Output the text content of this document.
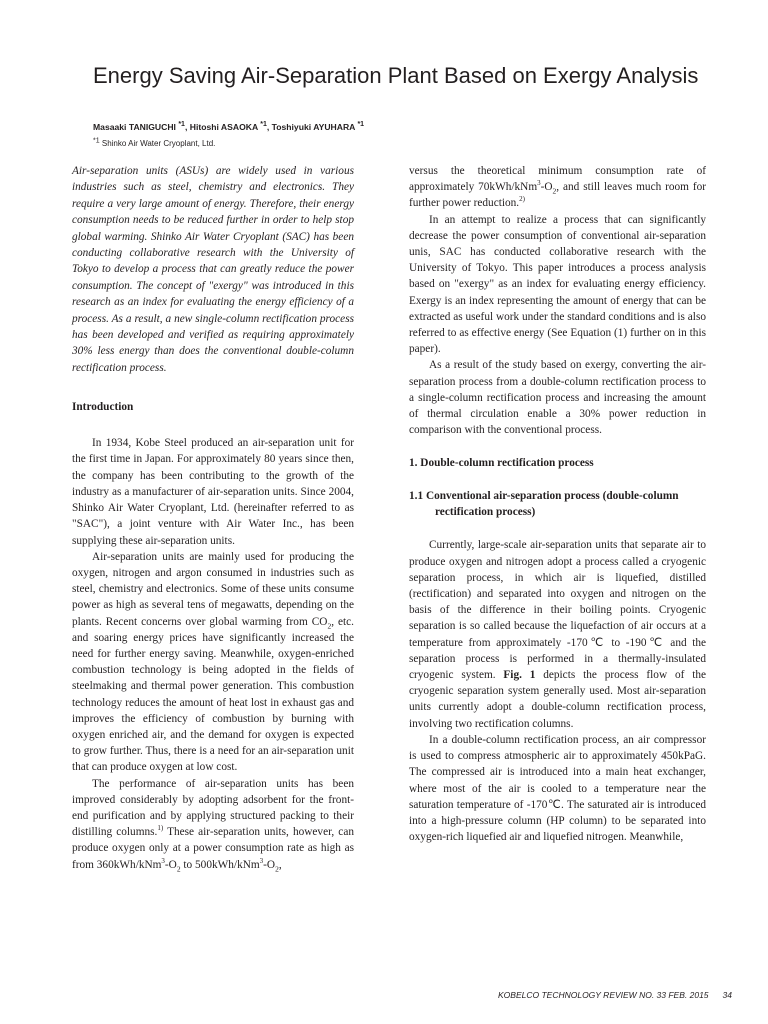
Energy Saving Air-Separation Plant Based on Exergy Analysis
Masaaki TANIGUCHI $^{*1}$, Hitoshi ASAOKA $^{*1}$, Toshiyuki AYUHARA $^{*1}$
$^{*1}$ Shinko Air Water Cryoplant, Ltd.

Air-separation units (ASUs) are widely used in various industries such as steel, chemistry and electronics. They require a very large amount of energy. Therefore, their energy consumption needs to be reduced further in order to help stop global warming. Shinko Air Water Cryoplant (SAC) has been conducting collaborative research with the University of Tokyo to develop a process that can greatly reduce the power consumption. The concept of "exergy" was introduced in this research as an index for evaluating the energy efficiency of a process. As a result, a new single-column rectification process has been developed and verified as requiring approximately 30% less energy than does the conventional double-column rectification process.

Introduction

In 1934, Kobe Steel produced an air-separation unit for the first time in Japan. For approximately 80 years since then, the company has been contributing to the growth of the industry as a manufacturer of air-separation units. Since 2004, Shinko Air Water Cryoplant, Ltd. (hereinafter referred to as "SAC"), a joint venture with Air Water Inc., has been supplying these air-separation units.

Air-separation units are mainly used for producing the oxygen, nitrogen and argon consumed in industries such as steel, chemistry and electronics. Some of these units consume power as high as several tens of megawatts, depending on the plants. Recent concerns over global warming from $CO_2$, etc. and soaring energy prices have significantly increased the need for further energy saving. Meanwhile, oxygen-enriched combustion technology is being adopted in the fields of steelmaking and thermal power generation. This combustion technology reduces the amount of heat lost in exhaust gas and improves the efficiency of combustion by burning with oxygen enriched air, and the demand for oxygen is expected to grow further. Thus, there is a need for an air-separation unit that can produce oxygen at low cost.

The performance of air-separation units has been improved considerably by adopting adsorbent for the front-end purification and by applying structured packing to their distilling columns.$^{1)}$ These air-separation units, however, can produce oxygen only at a power consumption rate as high as from $360kWh/kNm^3-O_2$ to $500kWh/kNm^3-O_2$,

versus the theoretical minimum consumption rate of approximately $70kWh/kNm^3-O_2$, and still leaves much room for further power reduction.$^{2)}$

In an attempt to realize a process that can significantly decrease the power consumption of conventional air-separation unis, SAC has conducted collaborative research with the University of Tokyo. This paper introduces a process analysis based on "exergy" as an index for evaluating energy efficiency. Exergy is an index representing the amount of energy that can be extracted as useful work under the standard conditions and is also referred to as effective energy (See Equation (1) further on in this paper).

As a result of the study based on exergy, converting the air-separation process from a double-column rectification process to a single-column rectification process and increasing the amount of thermal circulation enable a 30% power reduction in comparison with the conventional process.

1. Double-column rectification process

1.1 Conventional air-separation process (double-column rectification process)

Currently, large-scale air-separation units that separate air to produce oxygen and nitrogen adopt a process called a cryogenic separation process, in which air is liquefied, distilled (rectification) and separated into oxygen and nitrogen on the basis of the difference in their boiling points. Cryogenic separation is so called because the liquefaction of air occurs at a temperature from approximately -170℃ to -190℃ and the separation process is performed in a thermally-insulated cryogenic system. Fig. 1 depicts the process flow of the cryogenic separation system generally used. Most air-separation units currently adopt a double-column rectification process, involving two rectification columns.

In a double-column rectification process, an air compressor is used to compress atmospheric air to approximately 450kPaG. The compressed air is introduced into a main heat exchanger, where most of the air is cooled to a temperature near the saturation temperature of -170℃. The saturated air is introduced into a high-pressure column (HP column) to be separated into oxygen-rich liquefied air and liquefied nitrogen. Meanwhile,

KOBELCO TECHNOLOGY REVIEW NO. 33 FEB. 2015 34
